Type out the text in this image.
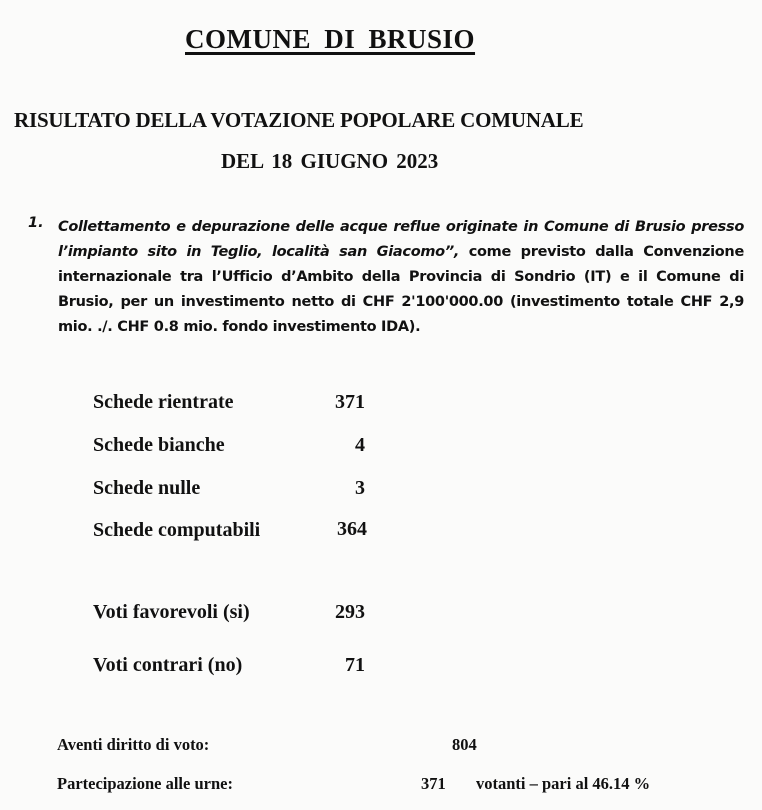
COMUNE DI BRUSIO
RISULTATO DELLA VOTAZIONE POPOLARE COMUNALE
DEL 18 GIUGNO 2023
1. Collettamento e depurazione delle acque reflue originate in Comune di Brusio presso l’impianto sito in Teglio, località san Giacomo”, come previsto dalla Convenzione internazionale tra l’Ufficio d’Ambito della Provincia di Sondrio (IT) e il Comune di Brusio, per un investimento netto di CHF 2'100'000.00 (investimento totale CHF 2,9 mio. ./. CHF 0.8 mio. fondo investimento IDA).
Schede rientrate	371
Schede bianche	4
Schede nulle	3
Schede computabili	364
Voti favorevoli (si)	293
Voti contrari (no)	71
Aventi diritto di voto:	804
Partecipazione alle urne:	371 votanti – pari al 46.14 %
